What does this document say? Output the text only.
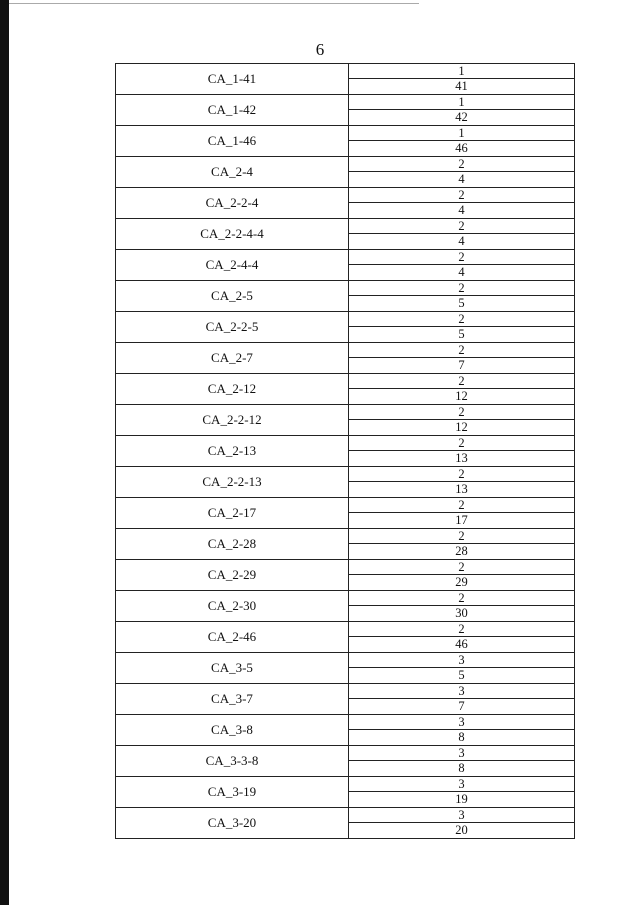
6
CA_1-41	1
41

CA_1-42	1
42

CA_1-46	1
46

CA_2-4	2
4

CA_2-2-4	2
4

CA_2-2-4-4	2
4

CA_2-4-4	2
4

CA_2-5	2
5

CA_2-2-5	2
5

CA_2-7	2
7

CA_2-12	2
12

CA_2-2-12	2
12

CA_2-13	2
13

CA_2-2-13	2
13

CA_2-17	2
17

CA_2-28	2
28

CA_2-29	2
29

CA_2-30	2
30

CA_2-46	2
46

CA_3-5	3
5

CA_3-7	3
7

CA_3-8	3
8

CA_3-3-8	3
8

CA_3-19	3
19

CA_3-20	3
20
